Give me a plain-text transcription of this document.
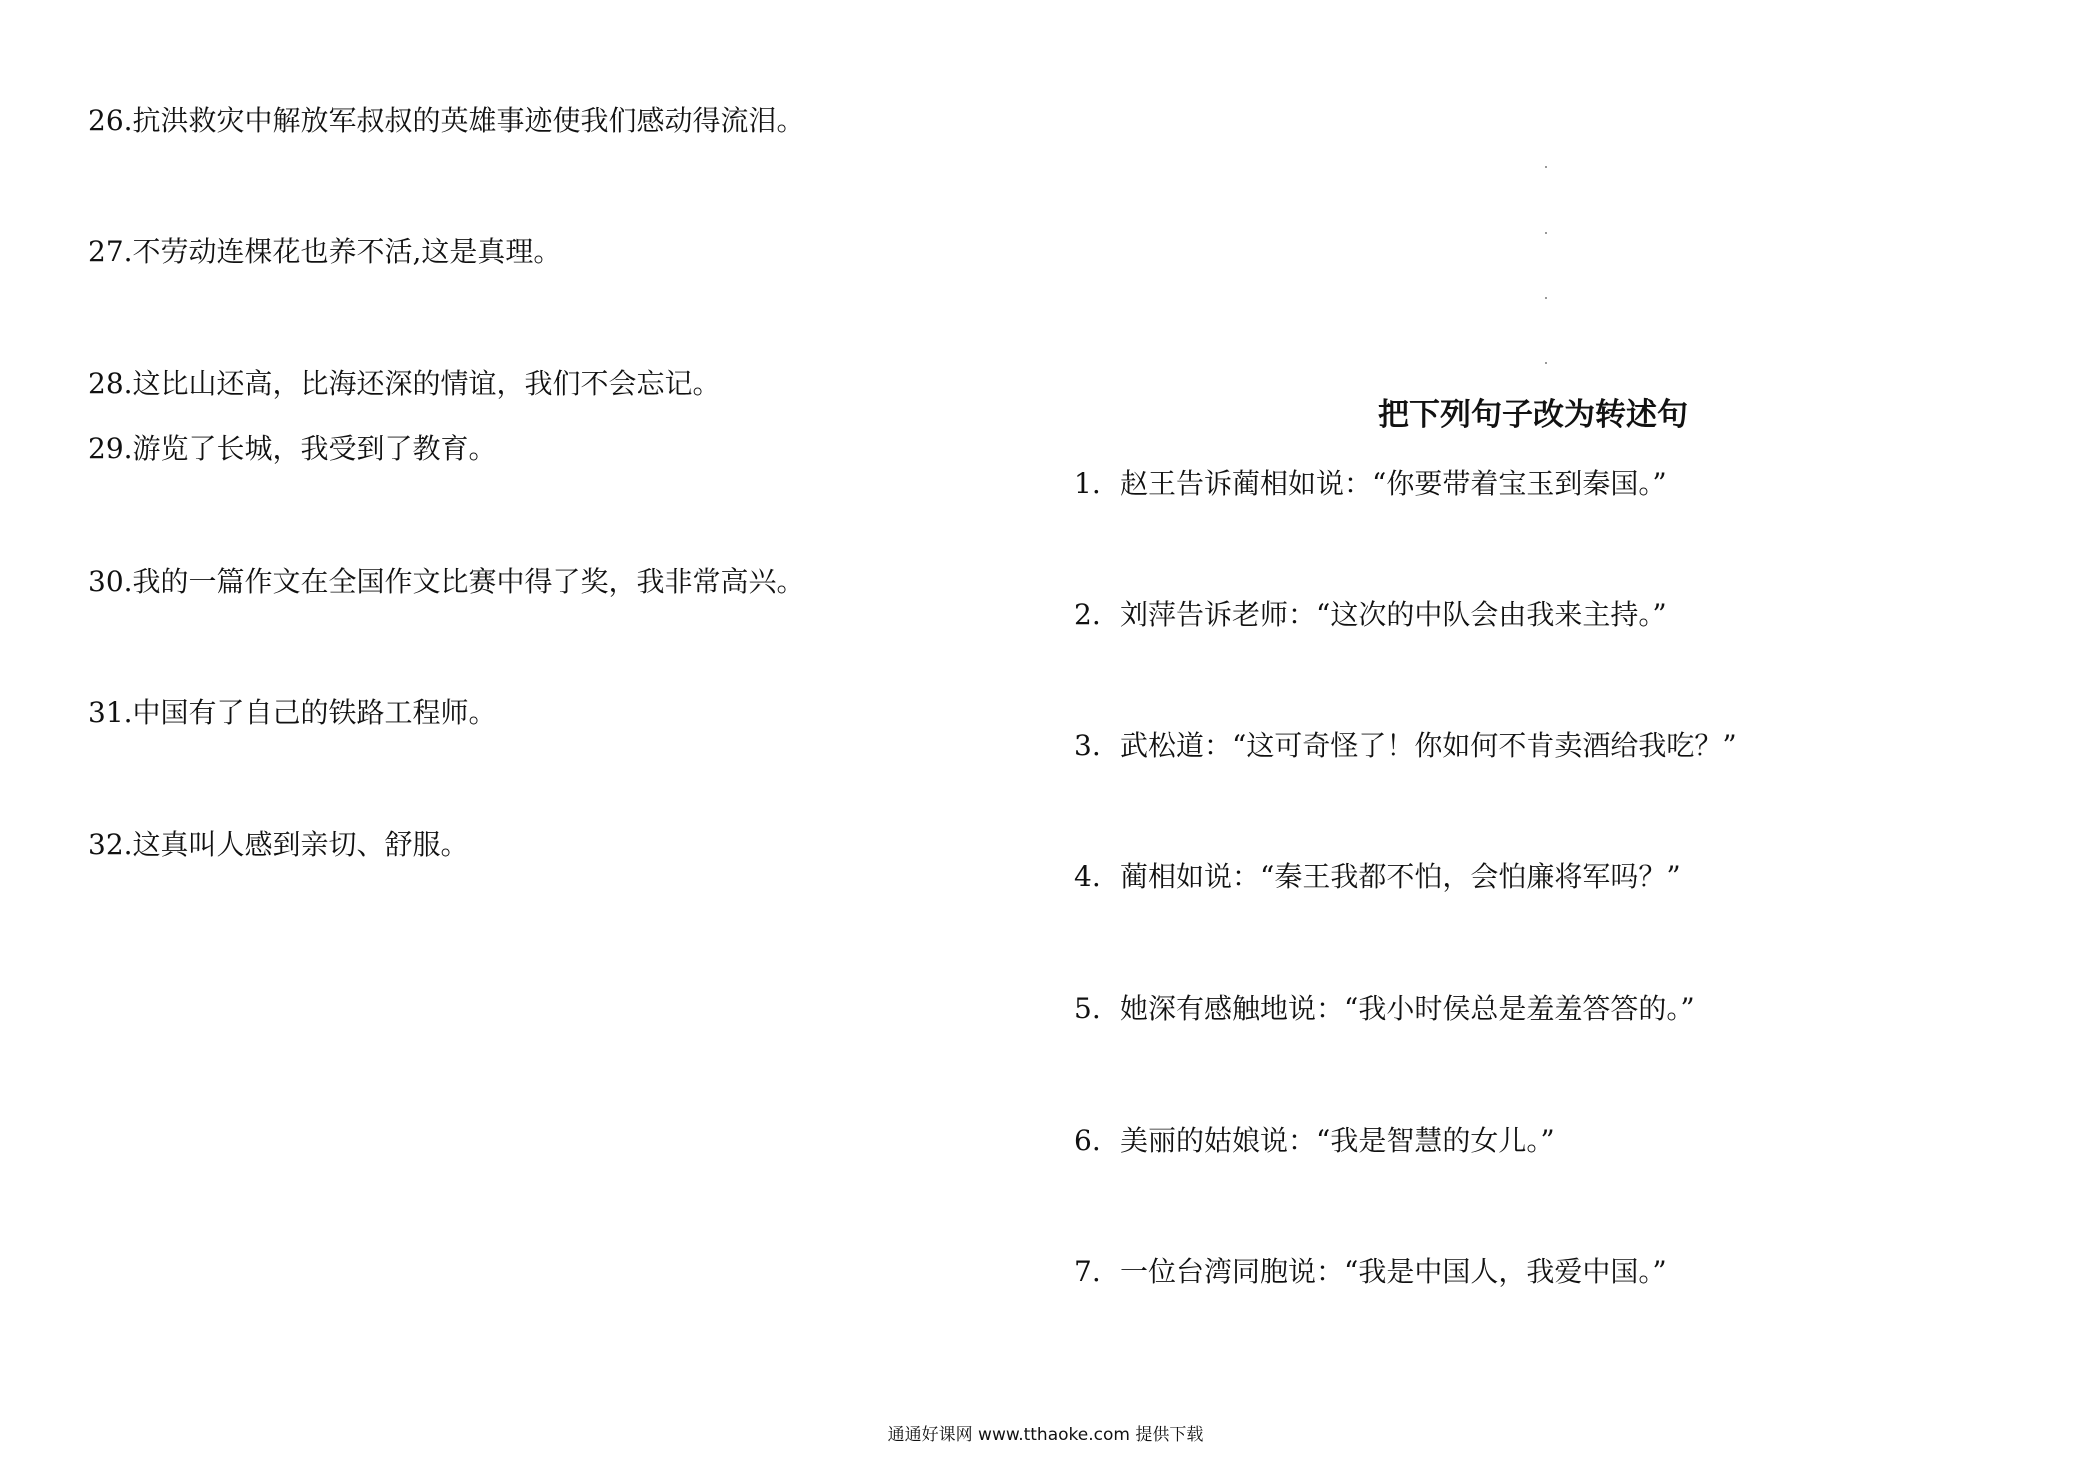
26.抗洪救灾中解放军叔叔的英雄事迹使我们感动得流泪。
27.不劳动连棵花也养不活,这是真理。
28.这比山还高，比海还深的情谊，我们不会忘记。
29.游览了长城，我受到了教育。
30.我的一篇作文在全国作文比赛中得了奖，我非常高兴。
31.中国有了自己的铁路工程师。
32.这真叫人感到亲切、舒服。
把下列句子改为转述句
1. 赵王告诉蔺相如说：“你要带着宝玉到秦国。”
2. 刘萍告诉老师：“这次的中队会由我来主持。”
3. 武松道：“这可奇怪了！你如何不肯卖酒给我吃？”
4. 蔺相如说：“秦王我都不怕，会怕廉将军吗？”
5. 她深有感触地说：“我小时侯总是羞羞答答的。”
6. 美丽的姑娘说：“我是智慧的女儿。”
7. 一位台湾同胞说：“我是中国人，我爱中国。”
通通好课网 www.tthaoke.com 提供下载
